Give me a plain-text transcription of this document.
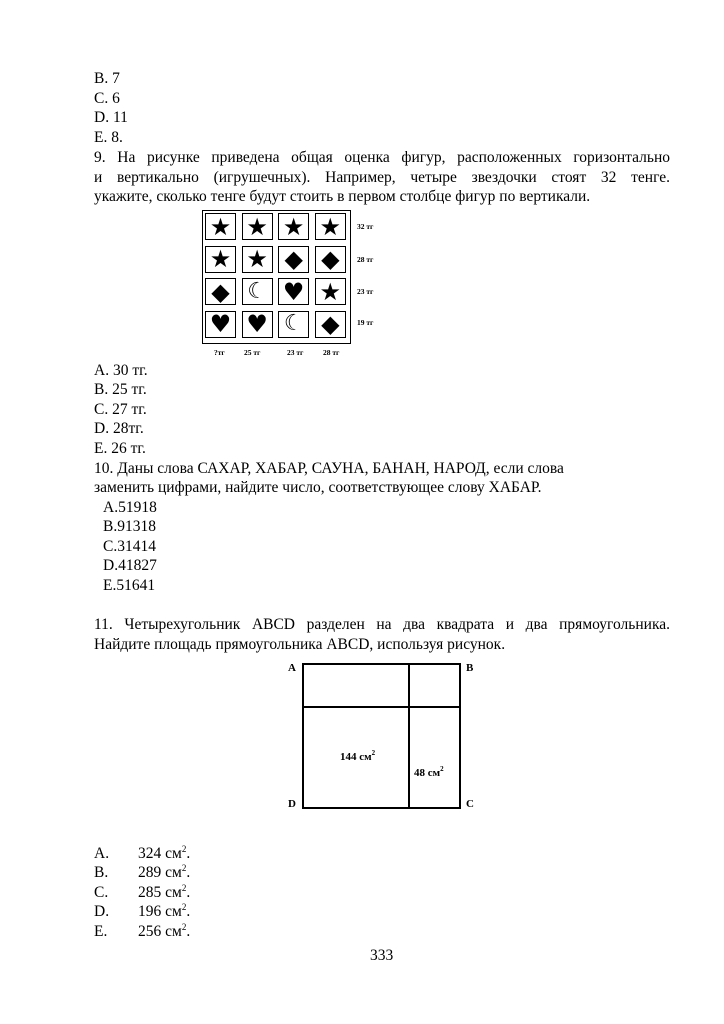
B. 7
C. 6
D. 11
E. 8.
9. На рисунке приведена общая оценка фигур, расположенных горизонтально
и вертикально (игрушечных). Например, четыре звездочки стоят 32 тенге.
укажите, сколько тенге будут стоить в первом столбце фигур по вертикали.
★ ★ ★ ★
★ ★ ◆ ◆
◆ ☾ ♥ ★
♥ ♥ ☾ ◆
32 тг
28 тг
23 тг
19 тг
?тг	25 тг	23 тг	28 тг
A. 30 тг.
B. 25 тг.
C. 27 тг.
D. 28тг.
E. 26 тг.
10. Даны слова САХАР, ХАБАР, САУНА, БАНАН, НАРОД, если слова
заменить цифрами, найдите число, соответствующее слову ХАБАР.
A.51918
B.91318
C.31414
D.41827
E.51641
11. Четырехугольник ABCD разделен на два квадрата и два прямоугольника.
Найдите площадь прямоугольника ABCD, используя рисунок.
A	B
D	C
144 $см^2$
48 $см^2$
A. 324 $см^2$.
B. 289 $см^2$.
C. 285 $см^2$.
D. 196 $см^2$.
E. 256 $см^2$.
333
